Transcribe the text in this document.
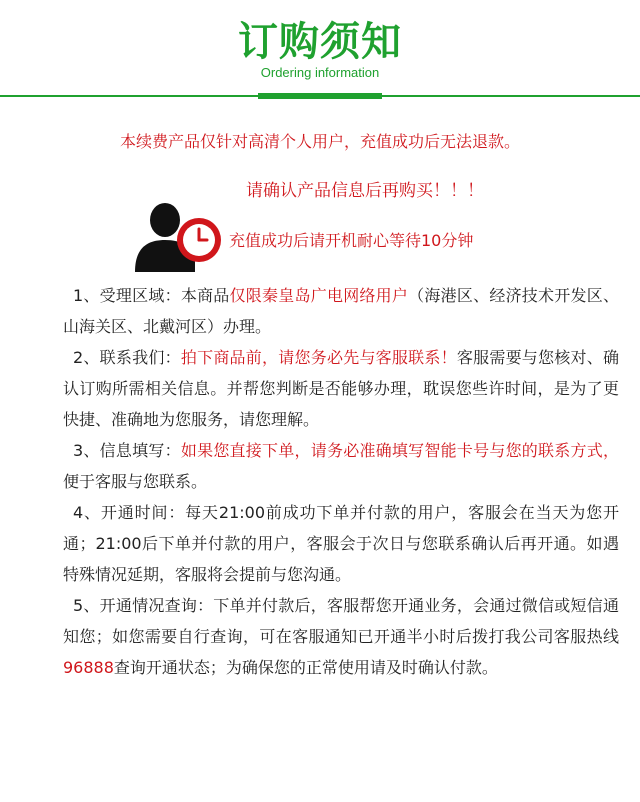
订购须知
Ordering information
本续费产品仅针对高清个人用户，充值成功后无法退款。
请确认产品信息后再购买！！！
充值成功后请开机耐心等待10分钟

1、受理区域：本商品仅限秦皇岛广电网络用户（海港区、经济技术开发区、山海关区、北戴河区）办理。

2、联系我们：拍下商品前，请您务必先与客服联系！客服需要与您核对、确认订购所需相关信息。并帮您判断是否能够办理，耽误您些许时间，是为了更快捷、准确地为您服务，请您理解。

3、信息填写：如果您直接下单，请务必准确填写智能卡号与您的联系方式，便于客服与您联系。

4、开通时间：每天21:00前成功下单并付款的用户，客服会在当天为您开通；21:00后下单并付款的用户，客服会于次日与您联系确认后再开通。如遇特殊情况延期，客服将会提前与您沟通。

5、开通情况查询：下单并付款后，客服帮您开通业务，会通过微信或短信通知您；如您需要自行查询，可在客服通知已开通半小时后拨打我公司客服热线96888查询开通状态；为确保您的正常使用请及时确认付款。
